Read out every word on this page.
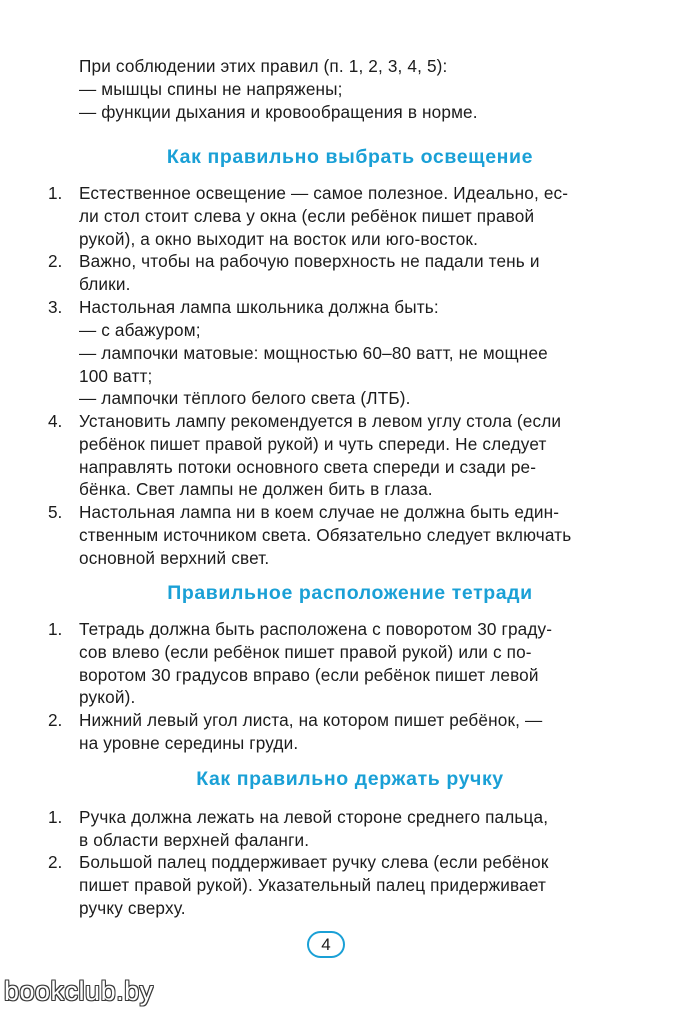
При соблюдении этих правил (п. 1, 2, 3, 4, 5):
— мышцы спины не напряжены;
— функции дыхания и кровообращения в норме.
Как правильно выбрать освещение
1. Естественное освещение — самое полезное. Идеально, ес-
ли стол стоит слева у окна (если ребёнок пишет правой
рукой), а окно выходит на восток или юго-восток.
2. Важно, чтобы на рабочую поверхность не падали тень и
блики.
3. Настольная лампа школьника должна быть:
— с абажуром;
— лампочки матовые: мощностью 60–80 ватт, не мощнее
100 ватт;
— лампочки тёплого белого света (ЛТБ).
4. Установить лампу рекомендуется в левом углу стола (если
ребёнок пишет правой рукой) и чуть спереди. Не следует
направлять потоки основного света спереди и сзади ре-
бёнка. Свет лампы не должен бить в глаза.
5. Настольная лампа ни в коем случае не должна быть един-
ственным источником света. Обязательно следует включать
основной верхний свет.
Правильное расположение тетради
1. Тетрадь должна быть расположена с поворотом 30 граду-
сов влево (если ребёнок пишет правой рукой) или с по-
воротом 30 градусов вправо (если ребёнок пишет левой
рукой).
2. Нижний левый угол листа, на котором пишет ребёнок, —
на уровне середины груди.
Как правильно держать ручку
1. Ручка должна лежать на левой стороне среднего пальца,
в области верхней фаланги.
2. Большой палец поддерживает ручку слева (если ребёнок
пишет правой рукой). Указательный палец придерживает
ручку сверху.
4
bookclub.by
